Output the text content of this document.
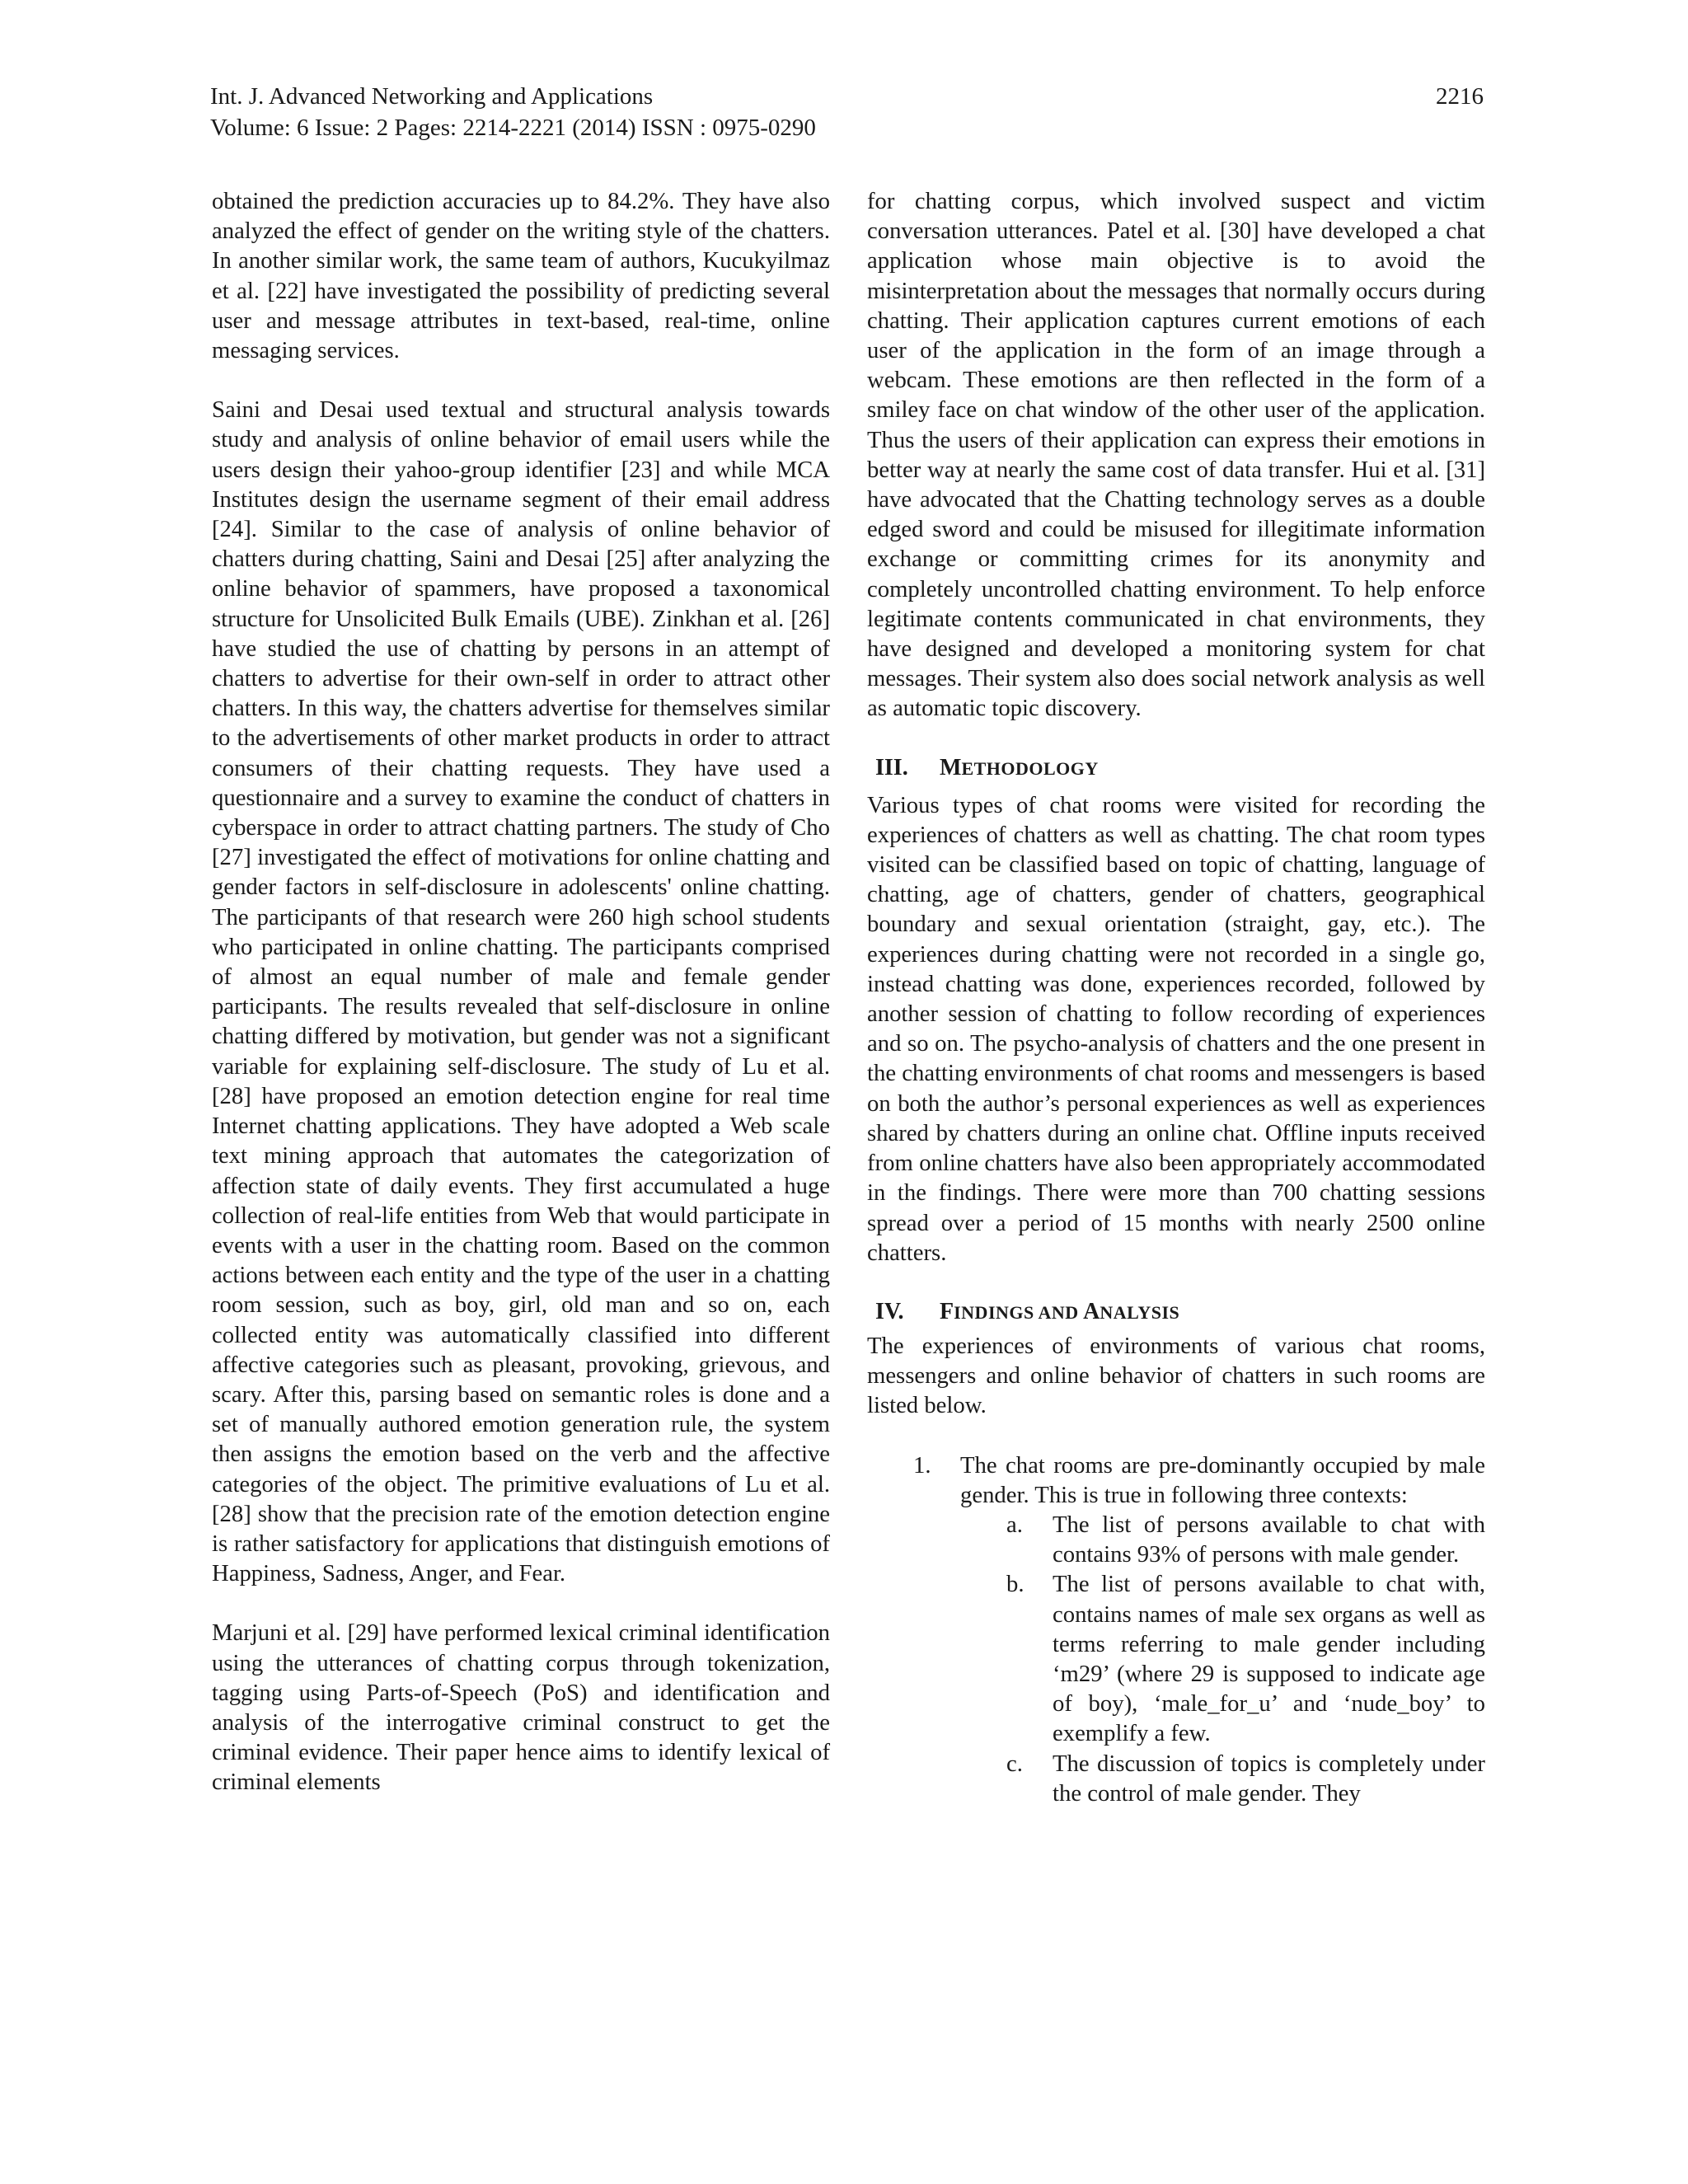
Int. J. Advanced Networking and Applications
Volume: 6 Issue: 2 Pages: 2214-2221 (2014) ISSN : 0975-0290
2216

obtained the prediction accuracies up to 84.2%. They have also analyzed the effect of gender on the writing style of the chatters. In another similar work, the same team of authors, Kucukyilmaz et al. [22] have investigated the possibility of predicting several user and message attributes in text-based, real-time, online messaging services.

Saini and Desai used textual and structural analysis towards study and analysis of online behavior of email users while the users design their yahoo-group identifier [23] and while MCA Institutes design the username segment of their email address [24]. Similar to the case of analysis of online behavior of chatters during chatting, Saini and Desai [25] after analyzing the online behavior of spammers, have proposed a taxonomical structure for Unsolicited Bulk Emails (UBE). Zinkhan et al. [26] have studied the use of chatting by persons in an attempt of chatters to advertise for their own-self in order to attract other chatters. In this way, the chatters advertise for themselves similar to the advertisements of other market products in order to attract consumers of their chatting requests. They have used a questionnaire and a survey to examine the conduct of chatters in cyberspace in order to attract chatting partners. The study of Cho [27] investigated the effect of motivations for online chatting and gender factors in self-disclosure in adolescents' online chatting. The participants of that research were 260 high school students who participated in online chatting. The participants comprised of almost an equal number of male and female gender participants. The results revealed that self-disclosure in online chatting differed by motivation, but gender was not a significant variable for explaining self-disclosure. The study of Lu et al. [28] have proposed an emotion detection engine for real time Internet chatting applications. They have adopted a Web scale text mining approach that automates the categorization of affection state of daily events. They first accumulated a huge collection of real-life entities from Web that would participate in events with a user in the chatting room. Based on the common actions between each entity and the type of the user in a chatting room session, such as boy, girl, old man and so on, each collected entity was automatically classified into different affective categories such as pleasant, provoking, grievous, and scary. After this, parsing based on semantic roles is done and a set of manually authored emotion generation rule, the system then assigns the emotion based on the verb and the affective categories of the object. The primitive evaluations of Lu et al. [28] show that the precision rate of the emotion detection engine is rather satisfactory for applications that distinguish emotions of Happiness, Sadness, Anger, and Fear.

Marjuni et al. [29] have performed lexical criminal identification using the utterances of chatting corpus through tokenization, tagging using Parts-of-Speech (PoS) and identification and analysis of the interrogative criminal construct to get the criminal evidence. Their paper hence aims to identify lexical of criminal elements

for chatting corpus, which involved suspect and victim conversation utterances. Patel et al. [30] have developed a chat application whose main objective is to avoid the misinterpretation about the messages that normally occurs during chatting. Their application captures current emotions of each user of the application in the form of an image through a webcam. These emotions are then reflected in the form of a smiley face on chat window of the other user of the application. Thus the users of their application can express their emotions in better way at nearly the same cost of data transfer. Hui et al. [31] have advocated that the Chatting technology serves as a double edged sword and could be misused for illegitimate information exchange or committing crimes for its anonymity and completely uncontrolled chatting environment. To help enforce legitimate contents communicated in chat environments, they have designed and developed a monitoring system for chat messages. Their system also does social network analysis as well as automatic topic discovery.

III.	METHODOLOGY

Various types of chat rooms were visited for recording the experiences of chatters as well as chatting. The chat room types visited can be classified based on topic of chatting, language of chatting, age of chatters, gender of chatters, geographical boundary and sexual orientation (straight, gay, etc.). The experiences during chatting were not recorded in a single go, instead chatting was done, experiences recorded, followed by another session of chatting to follow recording of experiences and so on. The psycho-analysis of chatters and the one present in the chatting environments of chat rooms and messengers is based on both the author’s personal experiences as well as experiences shared by chatters during an online chat. Offline inputs received from online chatters have also been appropriately accommodated in the findings. There were more than 700 chatting sessions spread over a period of 15 months with nearly 2500 online chatters.

IV.	FINDINGS AND ANALYSIS

The experiences of environments of various chat rooms, messengers and online behavior of chatters in such rooms are listed below.

1. The chat rooms are pre-dominantly occupied by male gender. This is true in following three contexts:
a. The list of persons available to chat with contains 93% of persons with male gender.
b. The list of persons available to chat with, contains names of male sex organs as well as terms referring to male gender including ‘m29’ (where 29 is supposed to indicate age of boy), ‘male_for_u’ and ‘nude_boy’ to exemplify a few.
c. The discussion of topics is completely under the control of male gender. They
